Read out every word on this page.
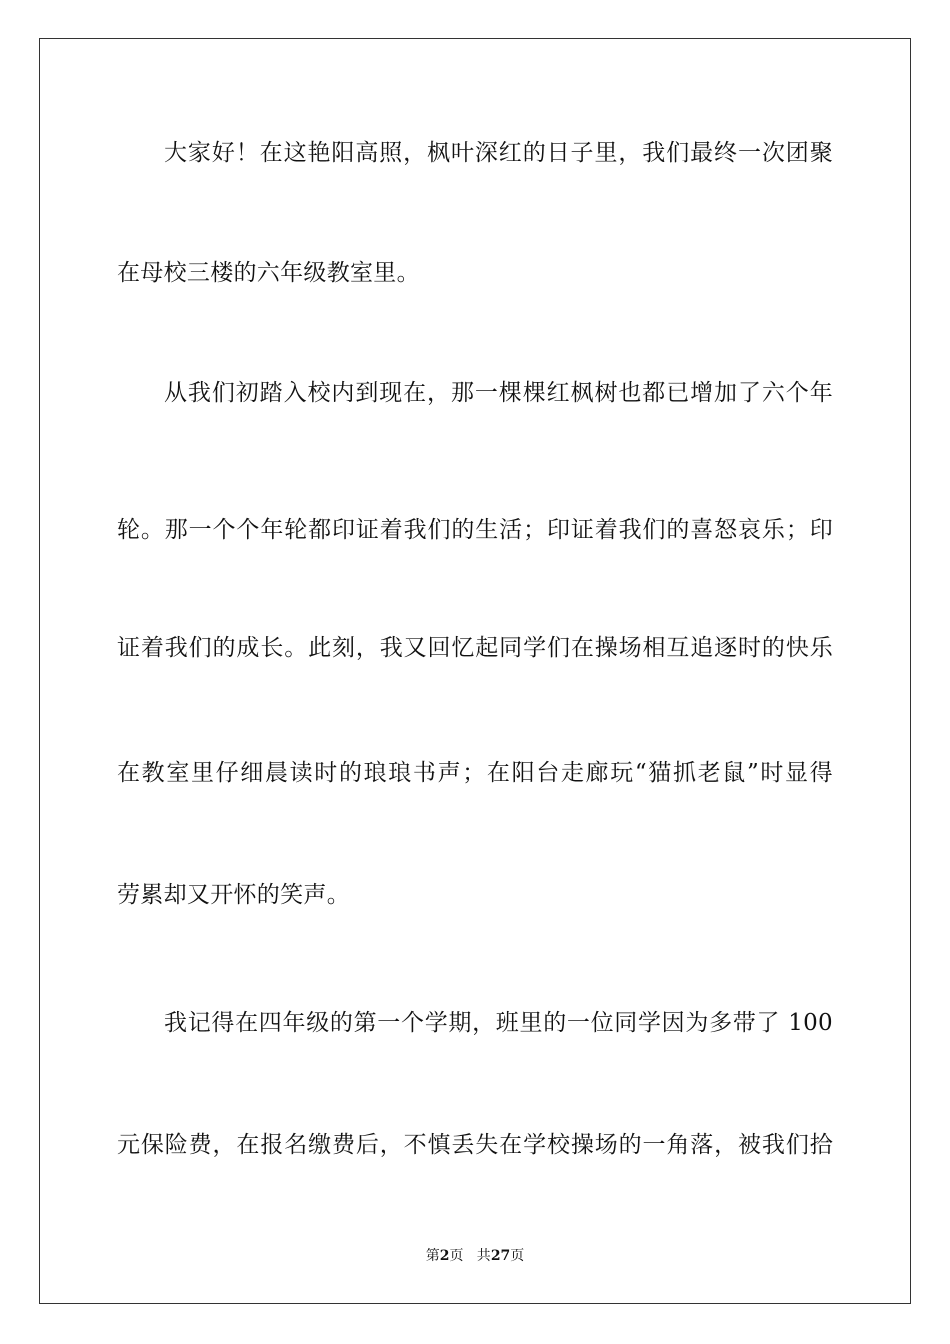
大家好！在这艳阳高照，枫叶深红的日子里，我们最终一次团聚
在母校三楼的六年级教室里。
从我们初踏入校内到现在，那一棵棵红枫树也都已增加了六个年
轮。那一个个年轮都印证着我们的生活；印证着我们的喜怒哀乐；印
证着我们的成长。此刻，我又回忆起同学们在操场相互追逐时的快乐
在教室里仔细晨读时的琅琅书声；在阳台走廊玩“猫抓老鼠”时显得
劳累却又开怀的笑声。
我记得在四年级的第一个学期，班里的一位同学因为多带了 100
元保险费，在报名缴费后，不慎丢失在学校操场的一角落，被我们拾
第2页   共27页
